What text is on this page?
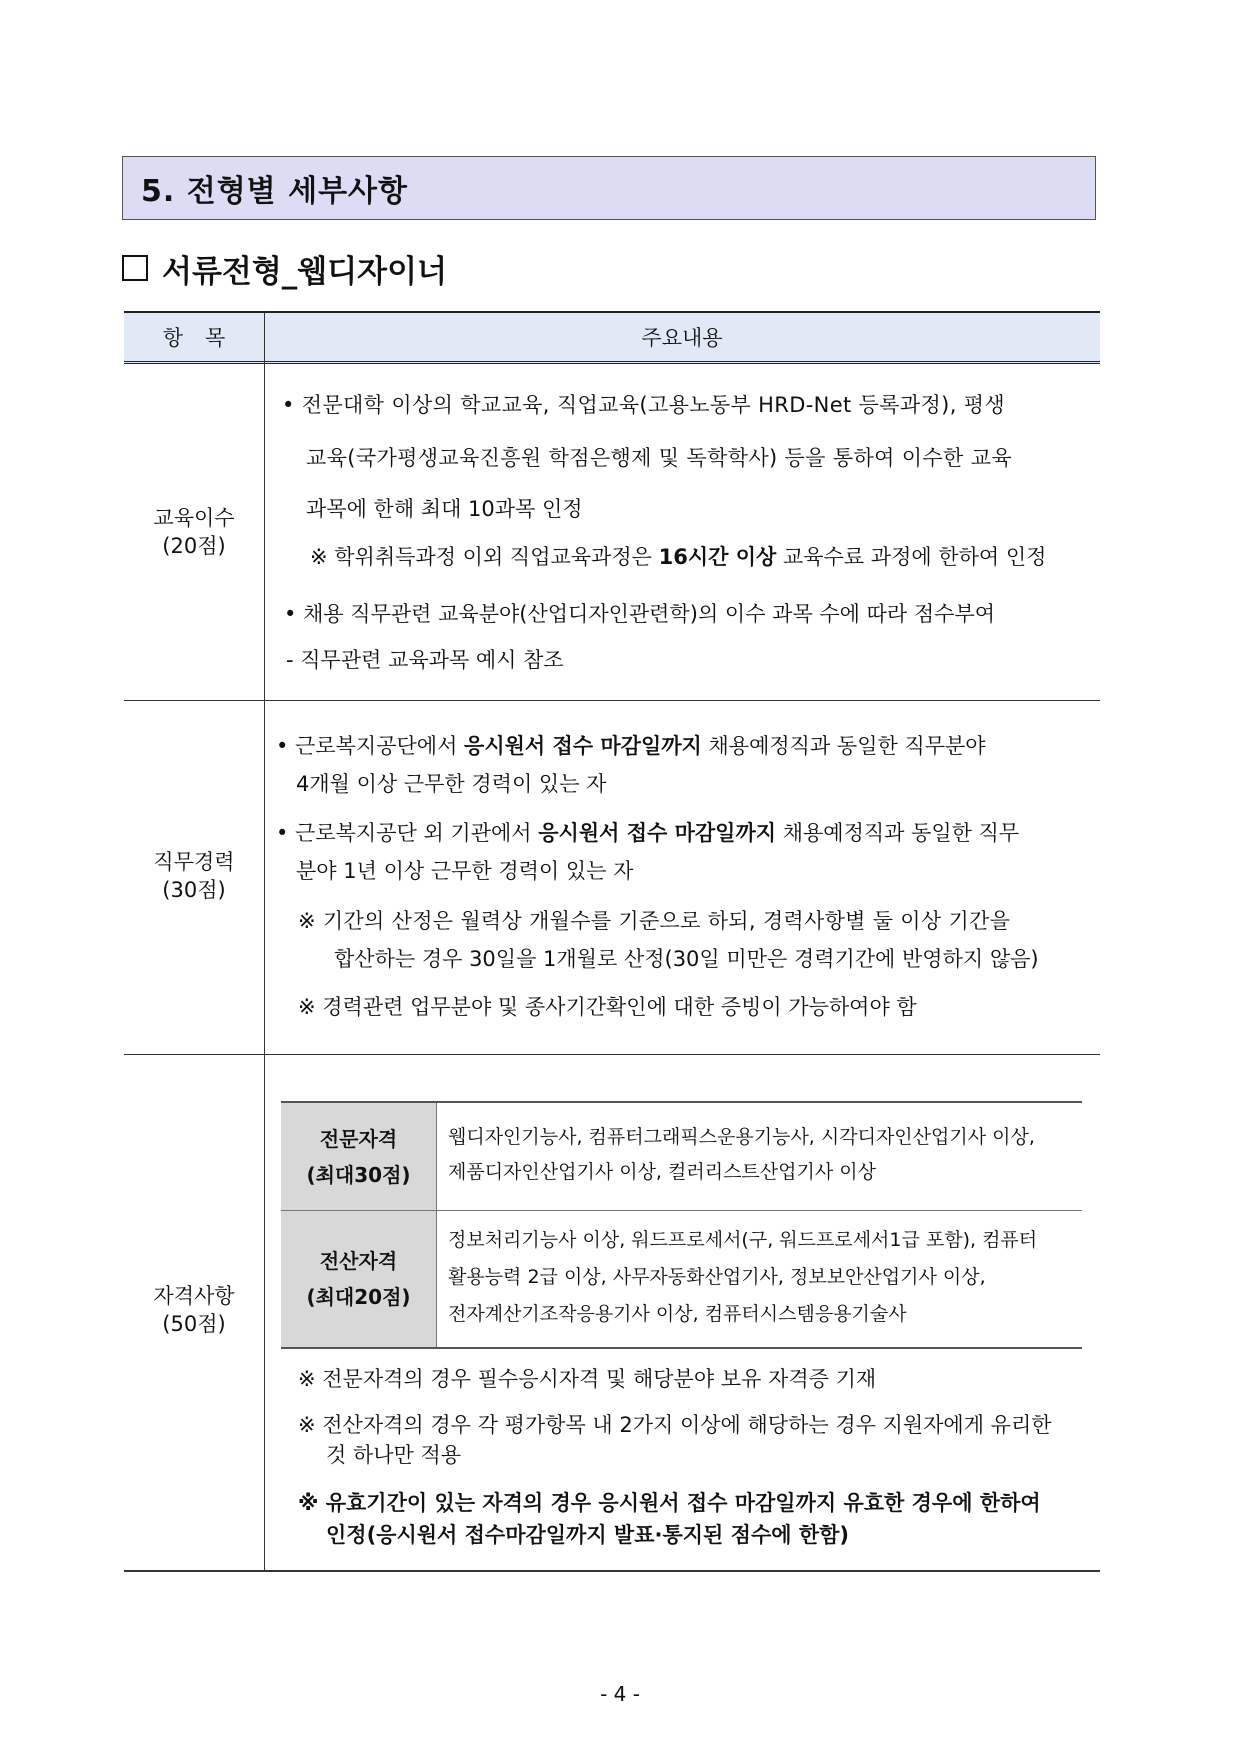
5. 전형별 세부사항
서류전형_웹디자이너
항목	주요내용
교육이수
(20점)
• 전문대학 이상의 학교교육, 직업교육(고용노동부 HRD-Net 등록과정), 평생
교육(국가평생교육진흥원 학점은행제 및 독학학사) 등을 통하여 이수한 교육
과목에 한해 최대 10과목 인정
※ 학위취득과정 이외 직업교육과정은 16시간 이상 교육수료 과정에 한하여 인정
• 채용 직무관련 교육분야(산업디자인관련학)의 이수 과목 수에 따라 점수부여
- 직무관련 교육과목 예시 참조
직무경력
(30점)
• 근로복지공단에서 응시원서 접수 마감일까지 채용예정직과 동일한 직무분야
4개월 이상 근무한 경력이 있는 자
• 근로복지공단 외 기관에서 응시원서 접수 마감일까지 채용예정직과 동일한 직무
분야 1년 이상 근무한 경력이 있는 자
※ 기간의 산정은 월력상 개월수를 기준으로 하되, 경력사항별 둘 이상 기간을
합산하는 경우 30일을 1개월로 산정(30일 미만은 경력기간에 반영하지 않음)
※ 경력관련 업무분야 및 종사기간확인에 대한 증빙이 가능하여야 함
자격사항
(50점)
전문자격
(최대30점)
웹디자인기능사, 컴퓨터그래픽스운용기능사, 시각디자인산업기사 이상,
제품디자인산업기사 이상, 컬러리스트산업기사 이상
전산자격
(최대20점)
정보처리기능사 이상, 워드프로세서(구, 워드프로세서1급 포함), 컴퓨터
활용능력 2급 이상, 사무자동화산업기사, 정보보안산업기사 이상,
전자계산기조작응용기사 이상, 컴퓨터시스템응용기술사
※ 전문자격의 경우 필수응시자격 및 해당분야 보유 자격증 기재
※ 전산자격의 경우 각 평가항목 내 2가지 이상에 해당하는 경우 지원자에게 유리한
것 하나만 적용
※ 유효기간이 있는 자격의 경우 응시원서 접수 마감일까지 유효한 경우에 한하여
인정(응시원서 접수마감일까지 발표·통지된 점수에 한함)
- 4 -
